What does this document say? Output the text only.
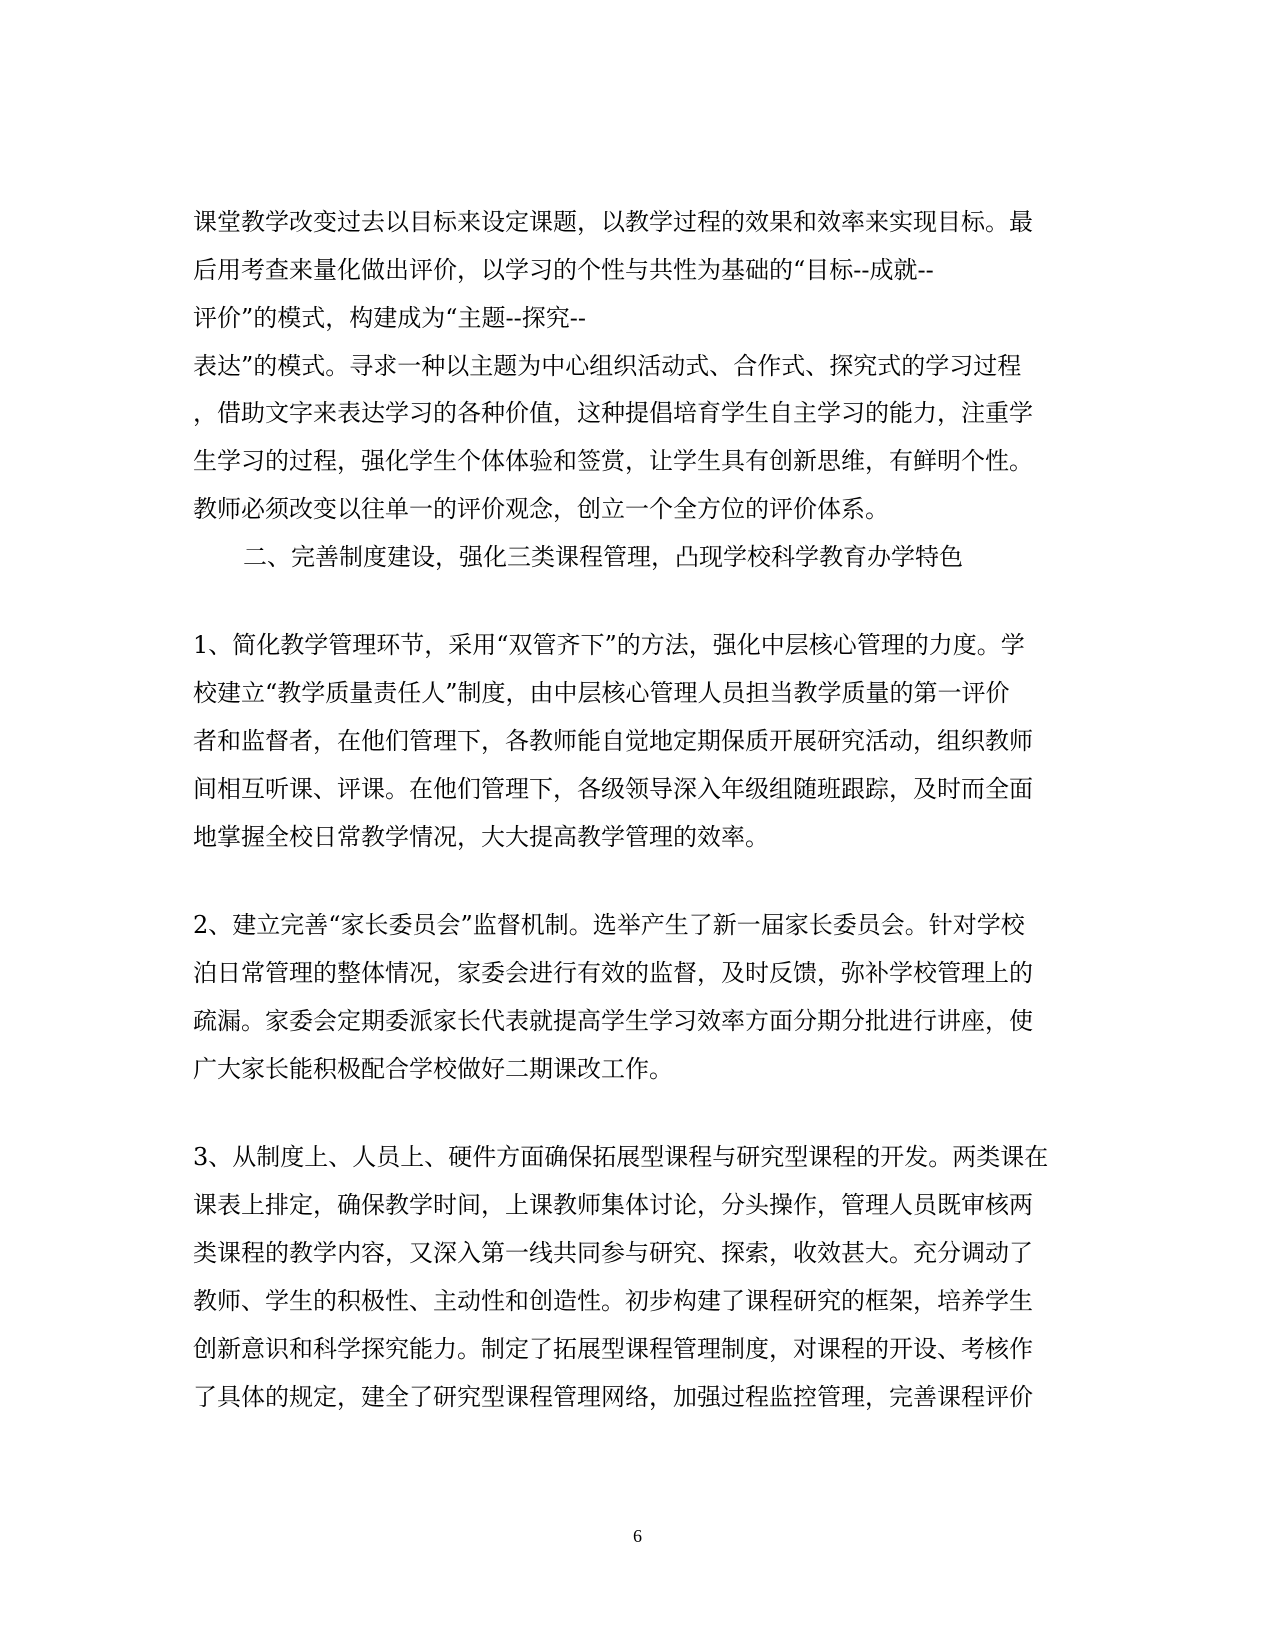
课堂教学改变过去以目标来设定课题，以教学过程的效果和效率来实现目标。最
后用考查来量化做出评价，以学习的个性与共性为基础的“目标--成就--
评价”的模式，构建成为“主题--探究--
表达”的模式。寻求一种以主题为中心组织活动式、合作式、探究式的学习过程
，借助文字来表达学习的各种价值，这种提倡培育学生自主学习的能力，注重学
生学习的过程，强化学生个体体验和签赏，让学生具有创新思维，有鲜明个性。
教师必须改变以往单一的评价观念，创立一个全方位的评价体系。
二、完善制度建设，强化三类课程管理，凸现学校科学教育办学特色
1、简化教学管理环节，采用“双管齐下”的方法，强化中层核心管理的力度。学
校建立“教学质量责任人”制度，由中层核心管理人员担当教学质量的第一评价
者和监督者，在他们管理下，各教师能自觉地定期保质开展研究活动，组织教师
间相互听课、评课。在他们管理下，各级领导深入年级组随班跟踪，及时而全面
地掌握全校日常教学情况，大大提高教学管理的效率。
2、建立完善“家长委员会”监督机制。选举产生了新一届家长委员会。针对学校
泊日常管理的整体情况，家委会进行有效的监督，及时反馈，弥补学校管理上的
疏漏。家委会定期委派家长代表就提高学生学习效率方面分期分批进行讲座，使
广大家长能积极配合学校做好二期课改工作。
3、从制度上、人员上、硬件方面确保拓展型课程与研究型课程的开发。两类课在
课表上排定，确保教学时间，上课教师集体讨论，分头操作，管理人员既审核两
类课程的教学内容，又深入第一线共同参与研究、探索，收效甚大。充分调动了
教师、学生的积极性、主动性和创造性。初步构建了课程研究的框架，培养学生
创新意识和科学探究能力。制定了拓展型课程管理制度，对课程的开设、考核作
了具体的规定，建全了研究型课程管理网络，加强过程监控管理，完善课程评价
6
